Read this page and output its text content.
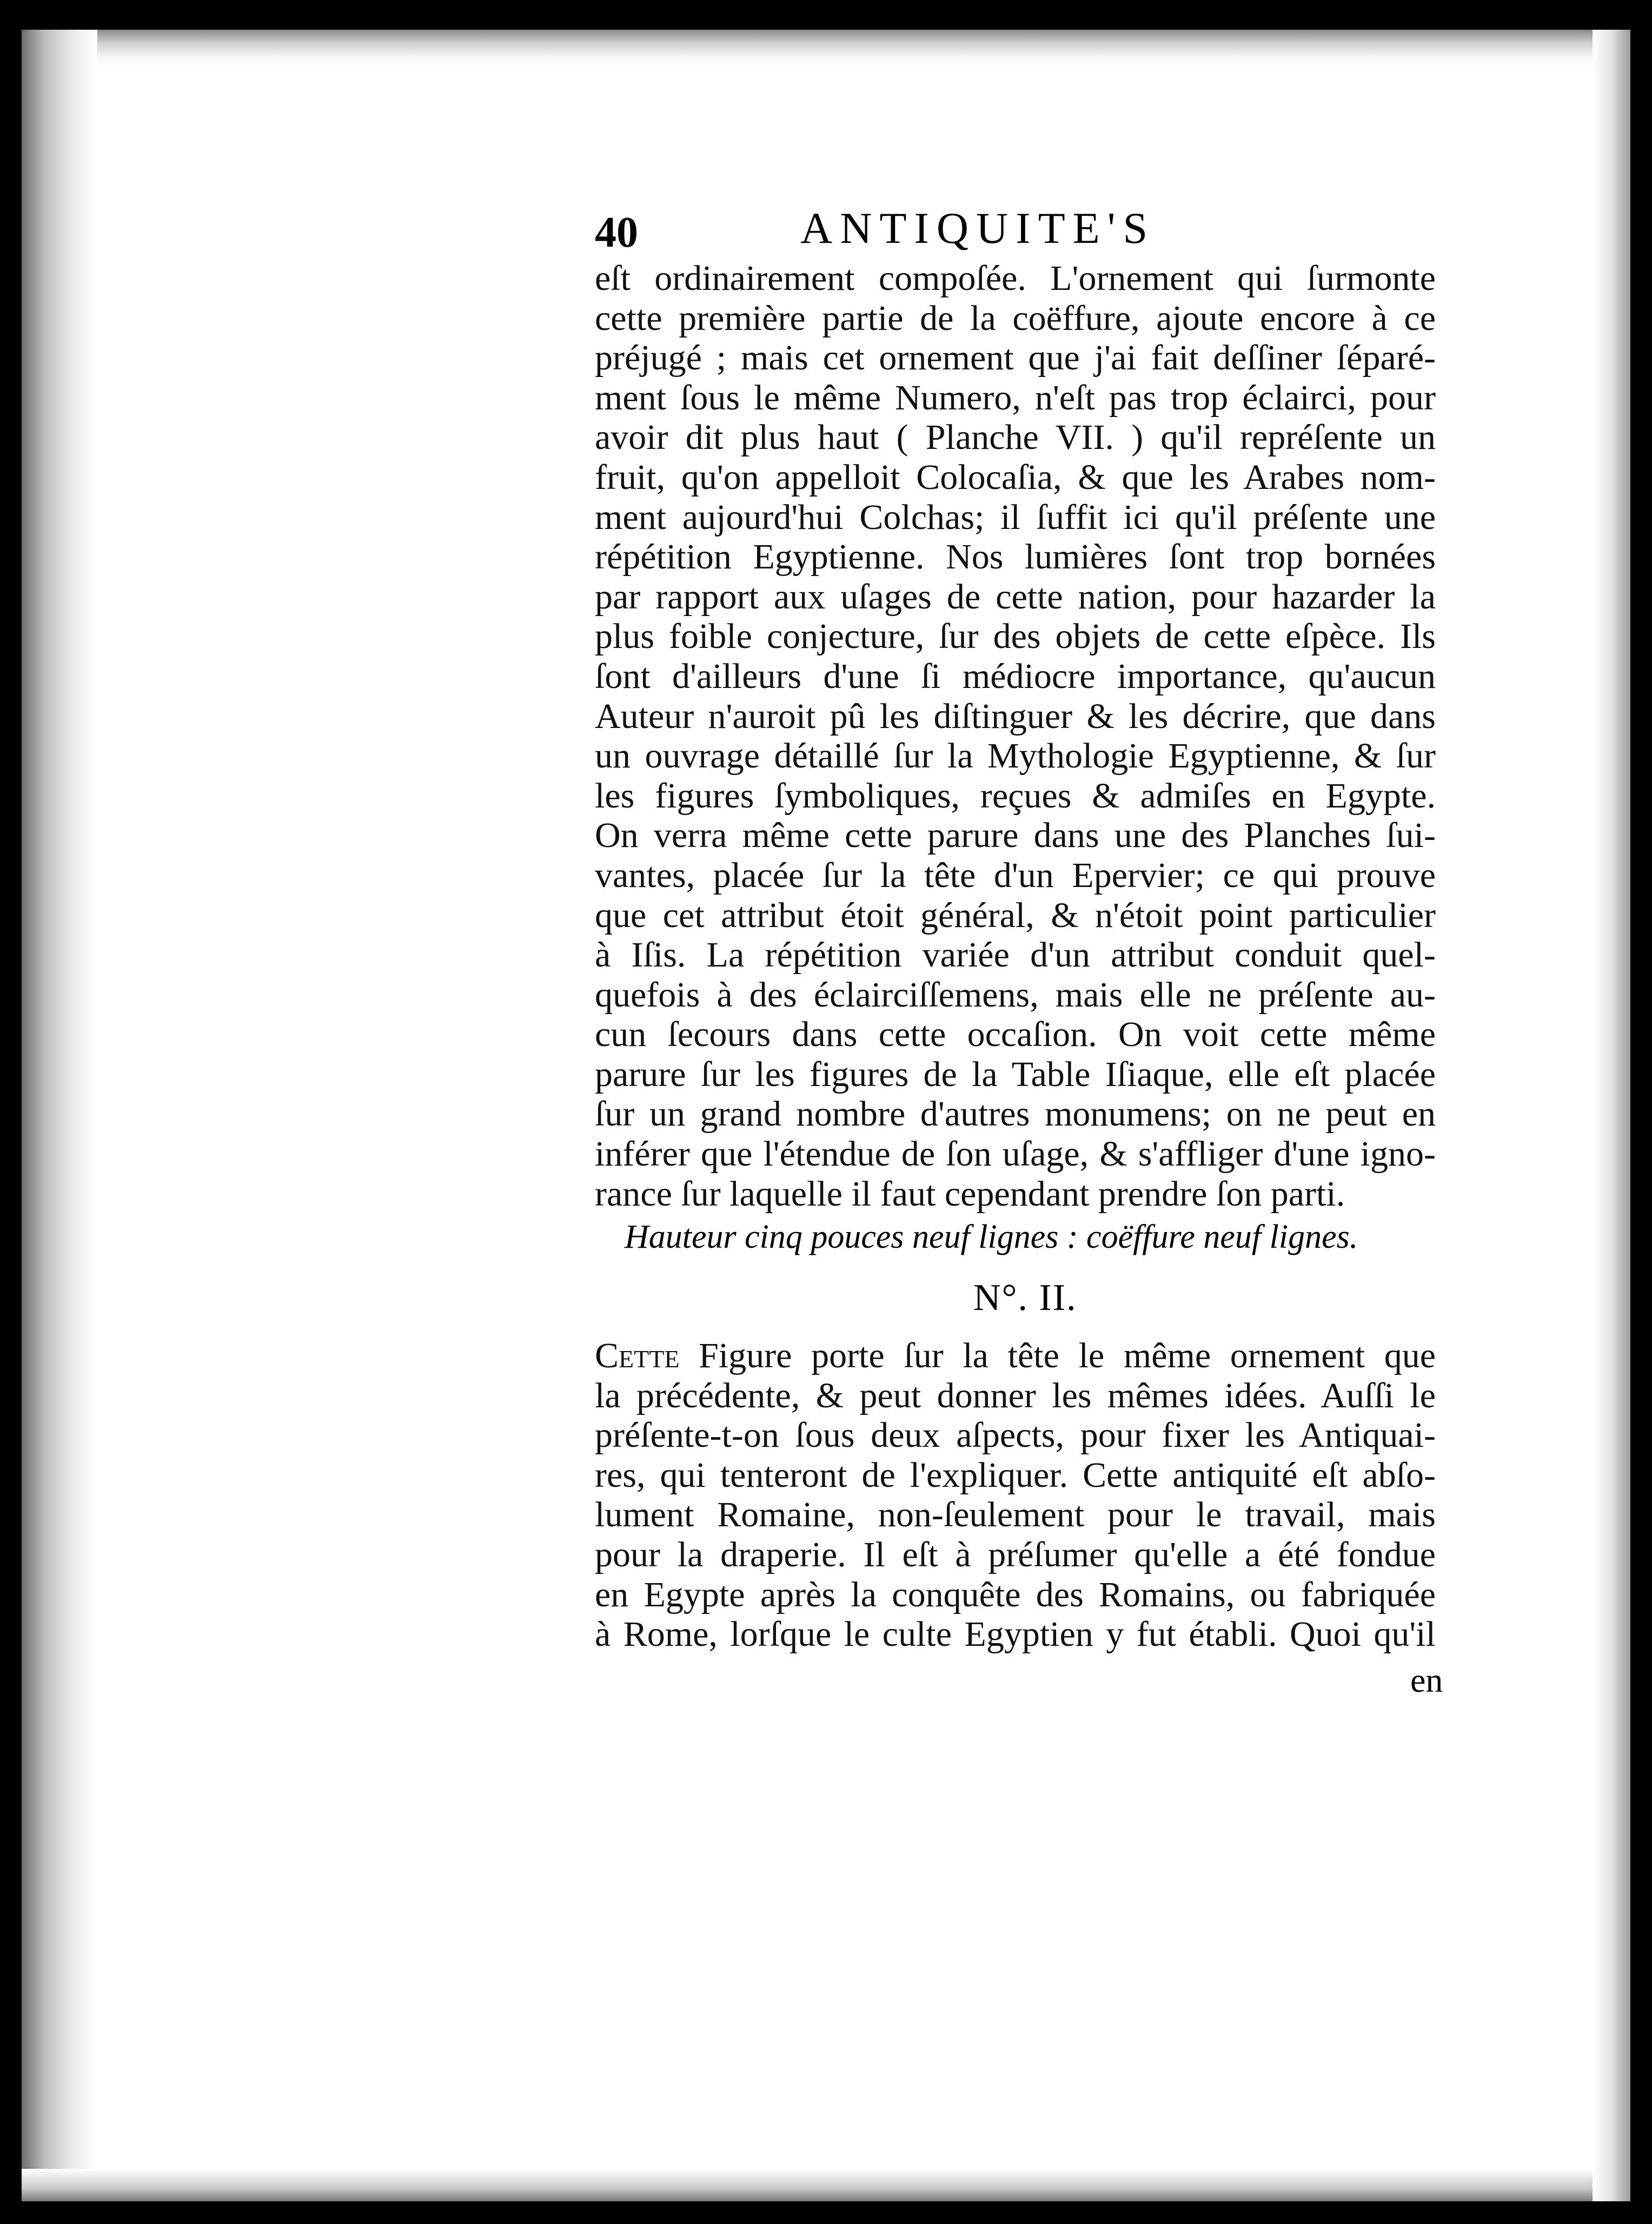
40	ANTIQUITE'S
eſt ordinairement compoſée. L'ornement qui ſurmonte
cette première partie de la coëffure, ajoute encore à ce
préjugé ; mais cet ornement que j'ai fait deſſiner ſéparé-
ment ſous le même Numero, n'eſt pas trop éclairci, pour
avoir dit plus haut ( Planche VII. ) qu'il repréſente un
fruit, qu'on appelloit Colocaſia, & que les Arabes nom-
ment aujourd'hui Colchas; il ſuffit ici qu'il préſente une
répétition Egyptienne. Nos lumières ſont trop bornées
par rapport aux uſages de cette nation, pour hazarder la
plus foible conjecture, ſur des objets de cette eſpèce. Ils
ſont d'ailleurs d'une ſi médiocre importance, qu'aucun
Auteur n'auroit pû les diſtinguer & les décrire, que dans
un ouvrage détaillé ſur la Mythologie Egyptienne, & ſur
les figures ſymboliques, reçues & admiſes en Egypte.
On verra même cette parure dans une des Planches ſui-
vantes, placée ſur la tête d'un Epervier; ce qui prouve
que cet attribut étoit général, & n'étoit point particulier
à Iſis. La répétition variée d'un attribut conduit quel-
quefois à des éclairciſſemens, mais elle ne préſente au-
cun ſecours dans cette occaſion. On voit cette même
parure ſur les figures de la Table Iſiaque, elle eſt placée
ſur un grand nombre d'autres monumens; on ne peut en
inférer que l'étendue de ſon uſage, & s'affliger d'une igno-
rance ſur laquelle il faut cependant prendre ſon parti.
Hauteur cinq pouces neuf lignes : coëffure neuf lignes.
N°. II.
Cette Figure porte ſur la tête le même ornement que
la précédente, & peut donner les mêmes idées. Auſſi le
préſente-t-on ſous deux aſpects, pour fixer les Antiquai-
res, qui tenteront de l'expliquer. Cette antiquité eſt abſo-
lument Romaine, non-ſeulement pour le travail, mais
pour la draperie. Il eſt à préſumer qu'elle a été fondue
en Egypte après la conquête des Romains, ou fabriquée
à Rome, lorſque le culte Egyptien y fut établi. Quoi qu'il
en
